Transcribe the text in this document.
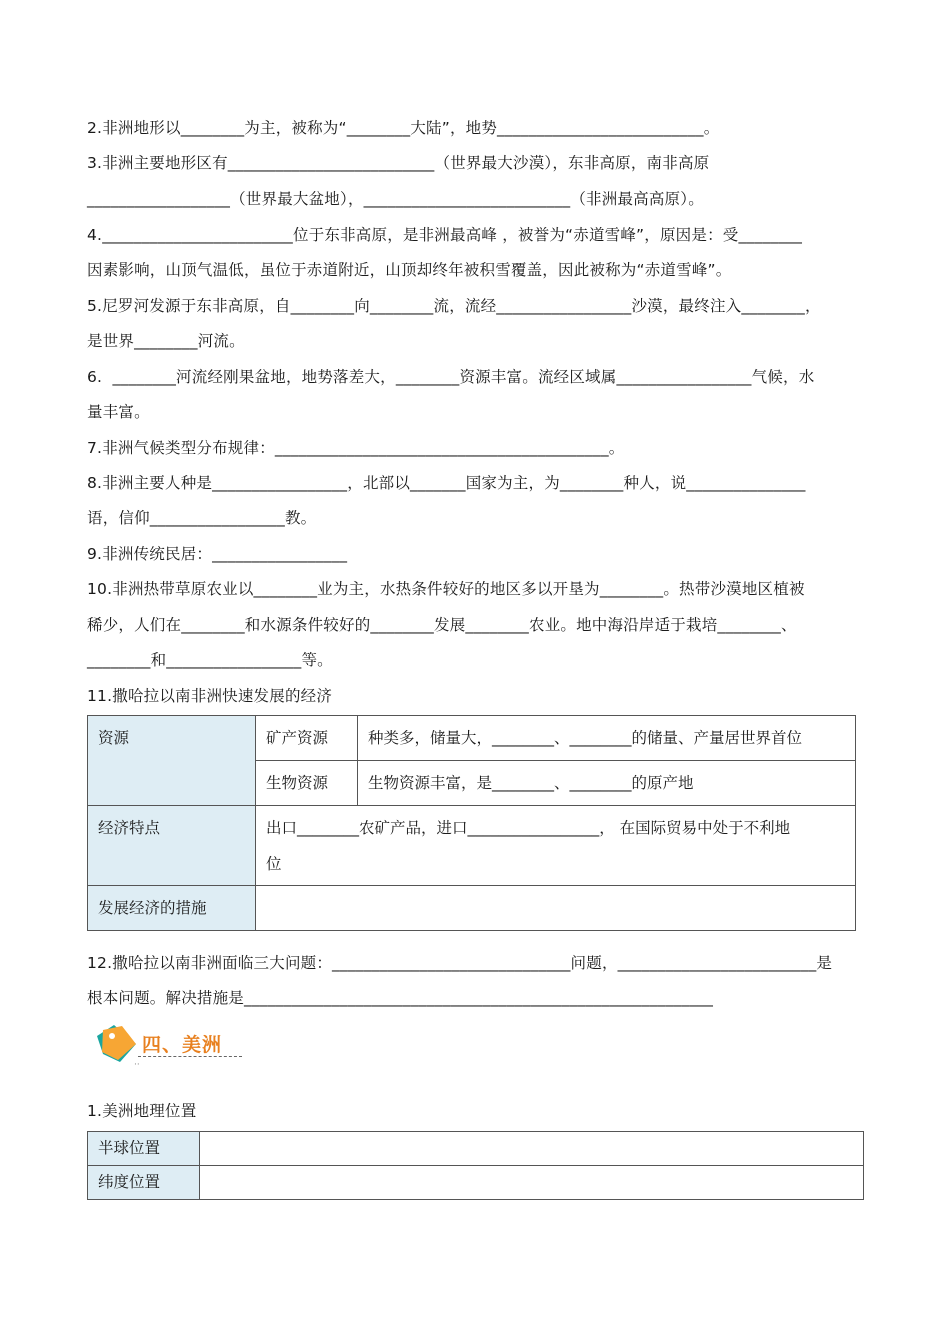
2.非洲地形以________为主，被称为“________大陆”，地势__________________________。
3.非洲主要地形区有__________________________（世界最大沙漠），东非高原，南非高原
__________________（世界最大盆地），__________________________（非洲最高高原）。
4.________________________位于东非高原，是非洲最高峰 ，被誉为“赤道雪峰”，原因是：受________
因素影响，山顶气温低，虽位于赤道附近，山顶却终年被积雪覆盖，因此被称为“赤道雪峰”。
5.尼罗河发源于东非高原，自________向________流，流经_________________沙漠，最终注入________，
是世界________河流。
6.  ________河流经刚果盆地，地势落差大，________资源丰富。流经区域属_________________气候，水
量丰富。
7.非洲气候类型分布规律：__________________________________________。
8.非洲主要人种是_________________，北部以_______国家为主，为________种人，说_______________
语，信仰_________________教。
9.非洲传统民居：_________________
10.非洲热带草原农业以________业为主，水热条件较好的地区多以开垦为________。热带沙漠地区植被
稀少，人们在________和水源条件较好的________发展________农业。地中海沿岸适于栽培________、
________和_________________等。
11.撒哈拉以南非洲快速发展的经济
资源	矿产资源	种类多，储量大，________、________的储量、产量居世界首位
	生物资源	生物资源丰富，是________、________的原产地
经济特点	出口________农矿产品，进口_________________， 在国际贸易中处于不利地
位	

发展经济的措施		
12.撒哈拉以南非洲面临三大问题：______________________________问题，_________________________是
根本问题。解决措施是___________________________________________________________
四、美洲
··
1.美洲地理位置
半球位置	
纬度位置	
